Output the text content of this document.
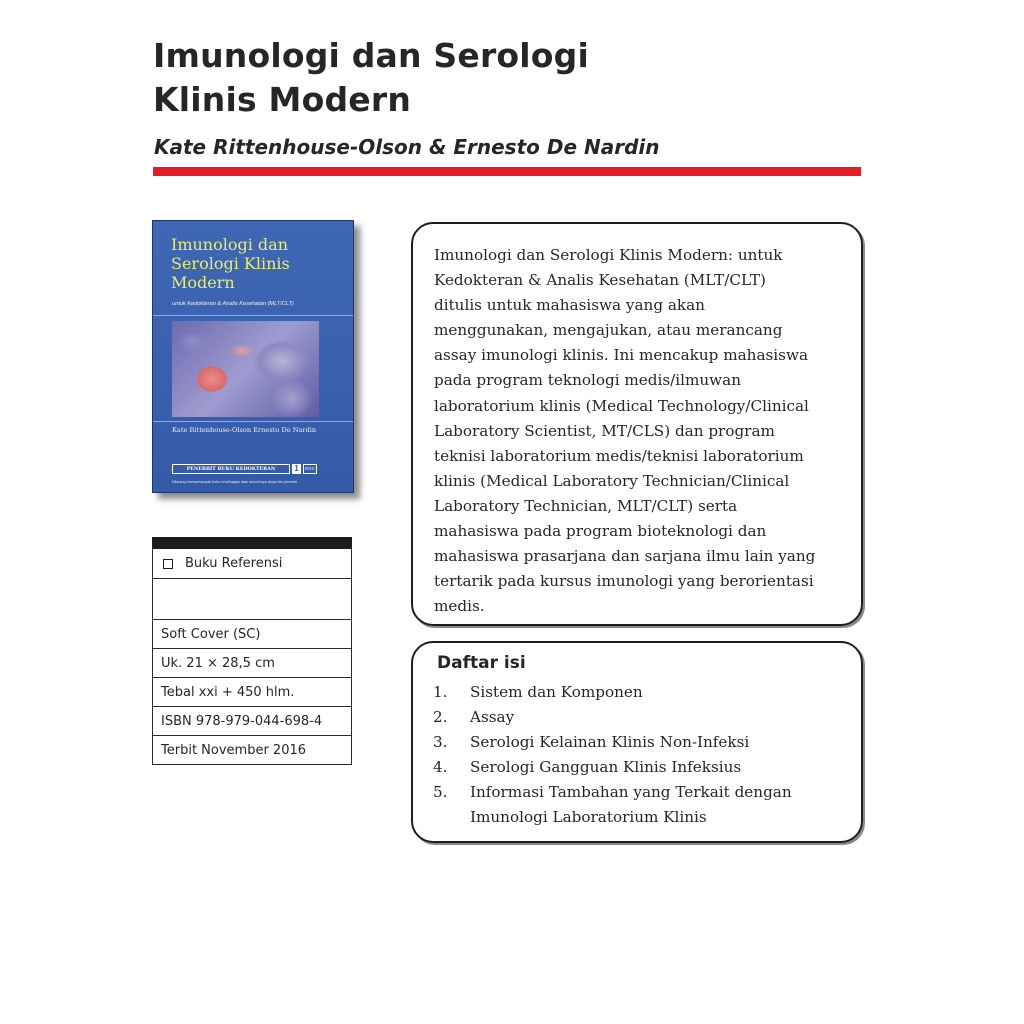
Imunologi dan Serologi
Klinis Modern

Kate Rittenhouse-Olson & Ernesto De Nardin

Imunologi dan
Serologi Klinis
Modern

untuk Kedokteran & Analis Kesehatan (MLT/CLT)
Kate Rittenhouse-Olson Ernesto De Nardin
PENERBIT BUKU KEDOKTERAN	1	EGC
Dilarang memperbanyak buku ini sebagian atau seluruhnya tanpa izin penerbit
Buku Referensi
Soft Cover (SC)
Uk. 21 × 28,5 cm
Tebal xxi + 450 hlm.
ISBN 978-979-044-698-4
Terbit November 2016

Imunologi dan Serologi Klinis Modern: untuk
Kedokteran & Analis Kesehatan (MLT/CLT)
ditulis untuk mahasiswa yang akan
menggunakan, mengajukan, atau merancang
assay imunologi klinis. Ini mencakup mahasiswa
pada program teknologi medis/ilmuwan
laboratorium klinis (Medical Technology/Clinical
Laboratory Scientist, MT/CLS) dan program
teknisi laboratorium medis/teknisi laboratorium
klinis (Medical Laboratory Technician/Clinical
Laboratory Technician, MLT/CLT) serta
mahasiswa pada program bioteknologi dan
mahasiswa prasarjana dan sarjana ilmu lain yang
tertarik pada kursus imunologi yang berorientasi
medis.

Daftar isi
1. Sistem dan Komponen
2. Assay
3. Serologi Kelainan Klinis Non-Infeksi
4. Serologi Gangguan Klinis Infeksius
5. Informasi Tambahan yang Terkait dengan
Imunologi Laboratorium Klinis
